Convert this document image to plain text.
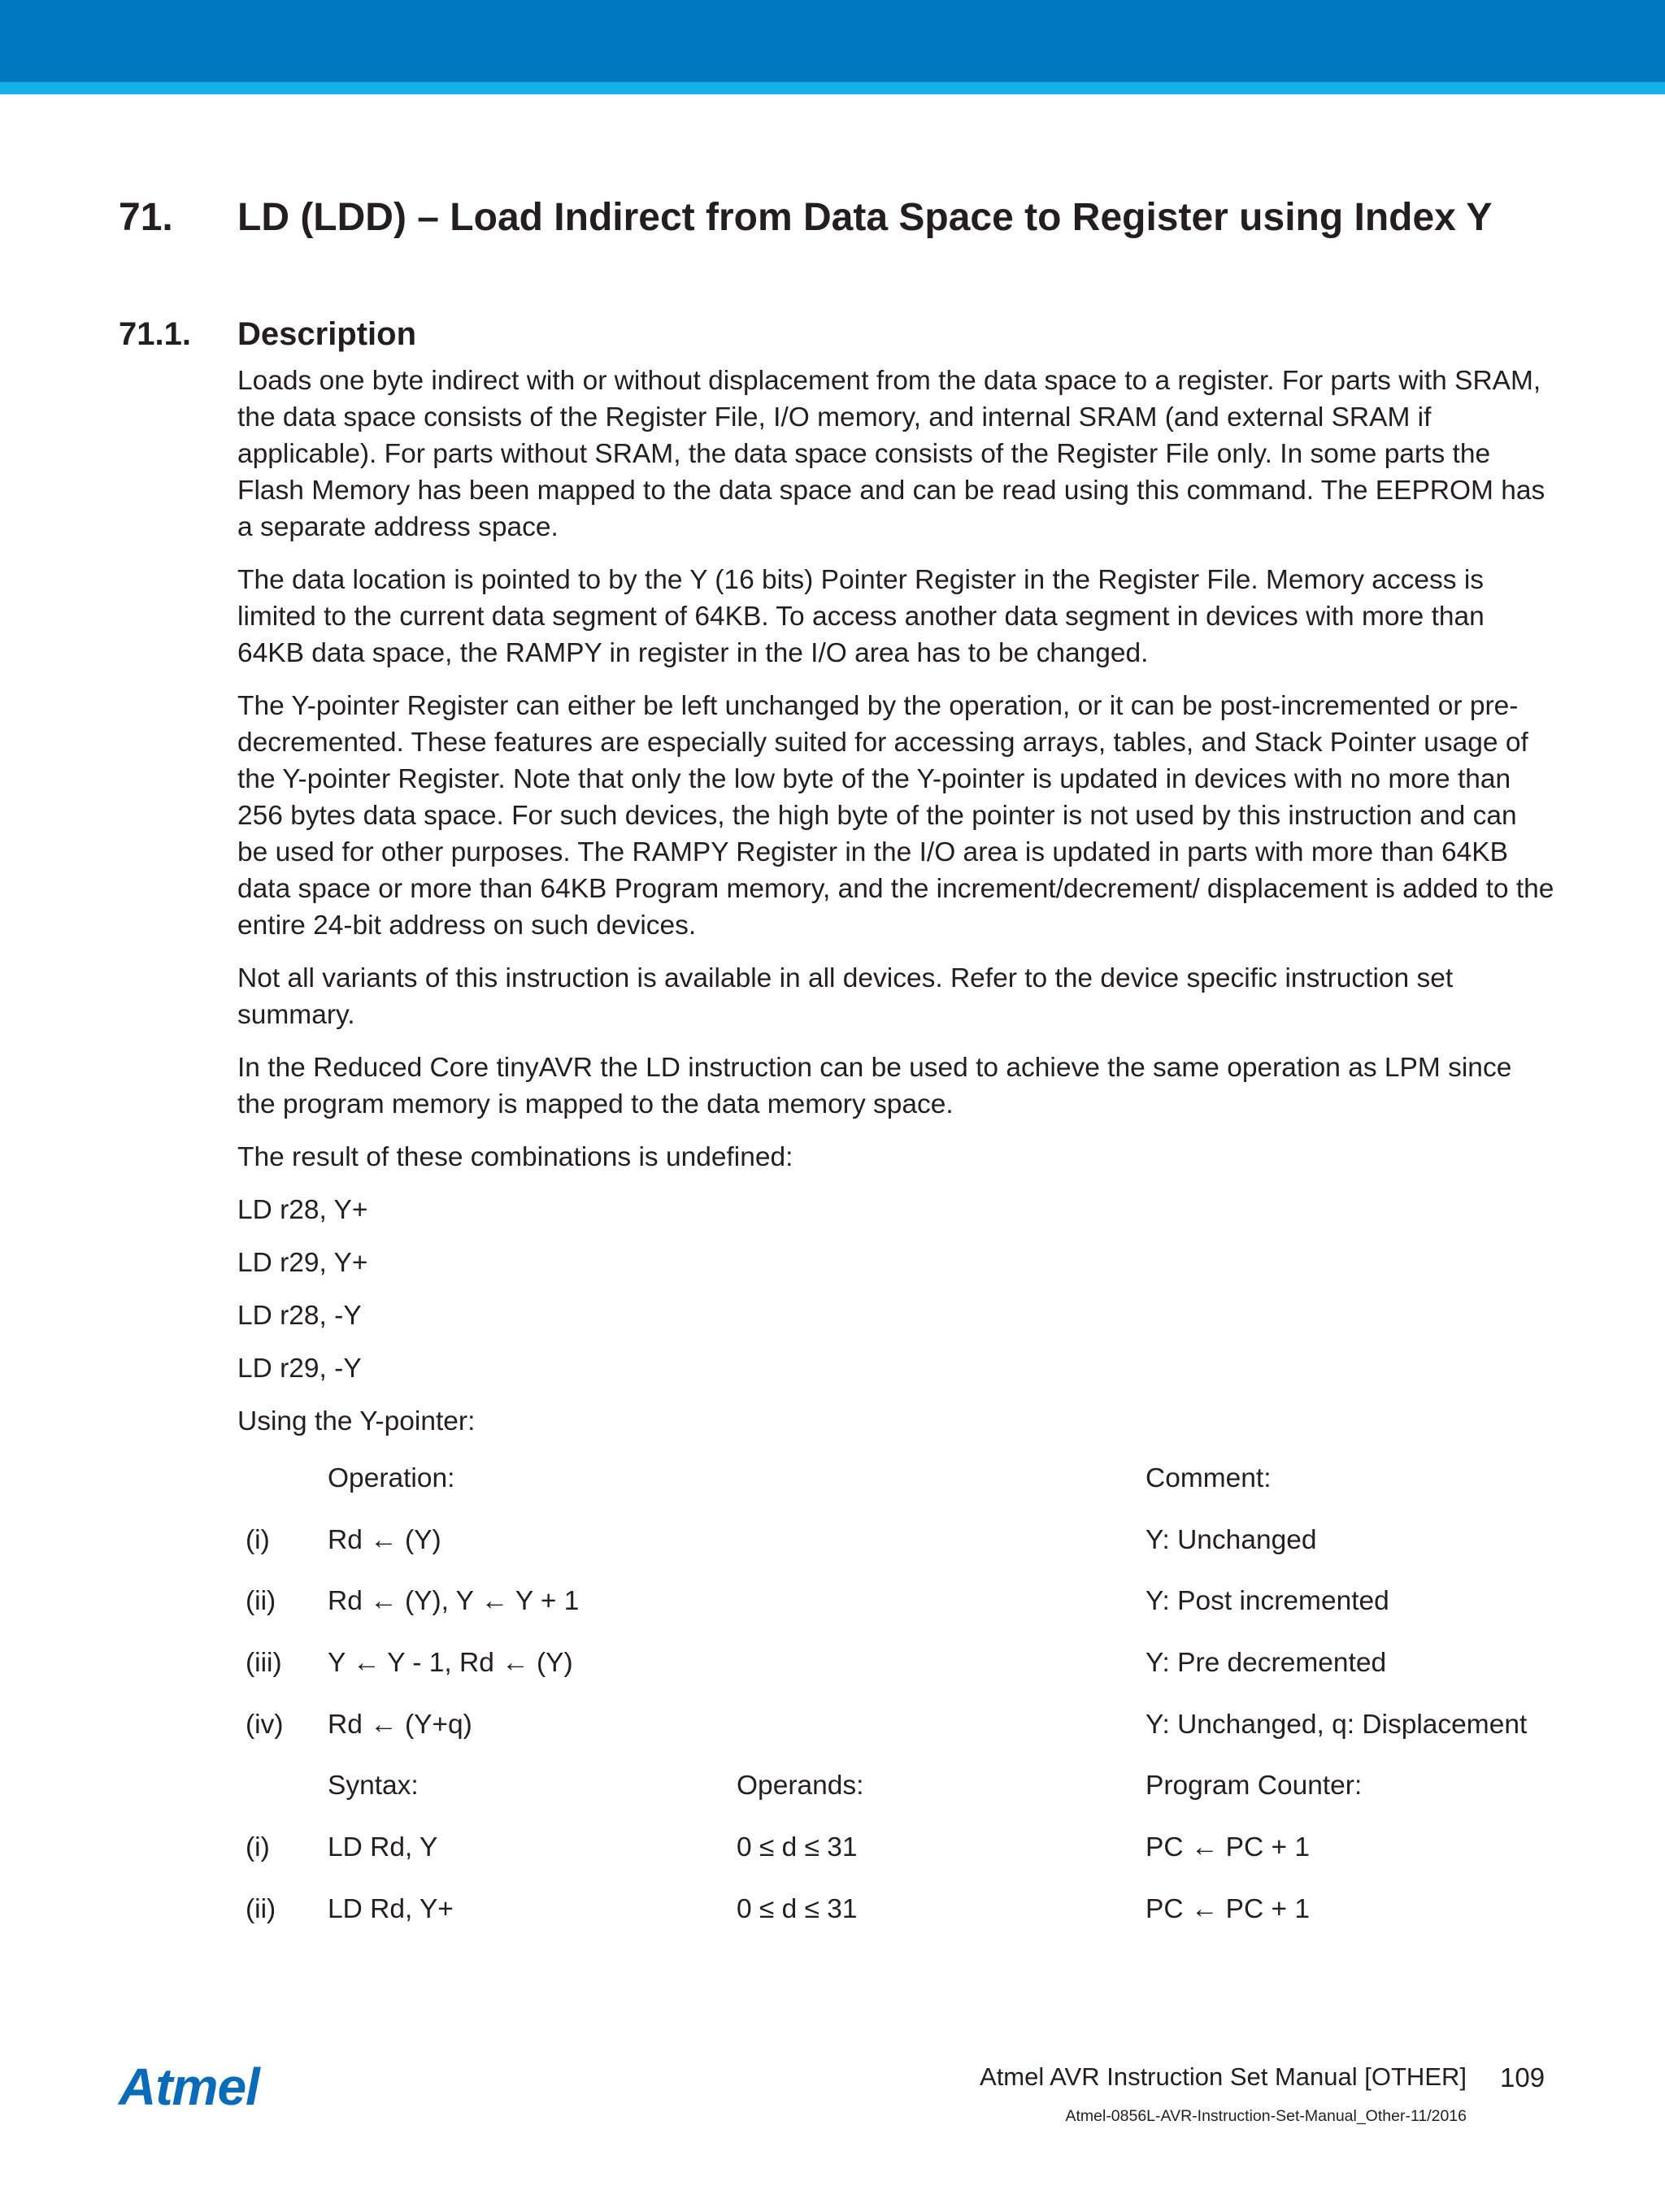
71. LD (LDD) – Load Indirect from Data Space to Register using Index Y
71.1. Description

Loads one byte indirect with or without displacement from the data space to a register. For parts with SRAM, the data space consists of the Register File, I/O memory, and internal SRAM (and external SRAM if applicable). For parts without SRAM, the data space consists of the Register File only. In some parts the Flash Memory has been mapped to the data space and can be read using this command. The EEPROM has a separate address space.

The data location is pointed to by the Y (16 bits) Pointer Register in the Register File. Memory access is limited to the current data segment of 64KB. To access another data segment in devices with more than 64KB data space, the RAMPY in register in the I/O area has to be changed.

The Y-pointer Register can either be left unchanged by the operation, or it can be post-incremented or pre-decremented. These features are especially suited for accessing arrays, tables, and Stack Pointer usage of the Y-pointer Register. Note that only the low byte of the Y-pointer is updated in devices with no more than 256 bytes data space. For such devices, the high byte of the pointer is not used by this instruction and can be used for other purposes. The RAMPY Register in the I/O area is updated in parts with more than 64KB data space or more than 64KB Program memory, and the increment/decrement/ displacement is added to the entire 24-bit address on such devices.

Not all variants of this instruction is available in all devices. Refer to the device specific instruction set summary.

In the Reduced Core tinyAVR the LD instruction can be used to achieve the same operation as LPM since the program memory is mapped to the data memory space.

The result of these combinations is undefined:

LD r28, Y+
LD r29, Y+
LD r28, -Y
LD r29, -Y
Using the Y-pointer:
Operation:	Comment:
(i) Rd ← (Y)	Y: Unchanged
(ii) Rd ← (Y), Y ← Y + 1	Y: Post incremented
(iii) Y ← Y - 1, Rd ← (Y)	Y: Pre decremented
(iv) Rd ← (Y+q)	Y: Unchanged, q: Displacement
Syntax:	Operands:	Program Counter:
(i) LD Rd, Y	0 ≤ d ≤ 31	PC ← PC + 1
(ii) LD Rd, Y+	0 ≤ d ≤ 31	PC ← PC + 1
Atmel	Atmel AVR Instruction Set Manual [OTHER] 109
Atmel-0856L-AVR-Instruction-Set-Manual_Other-11/2016
